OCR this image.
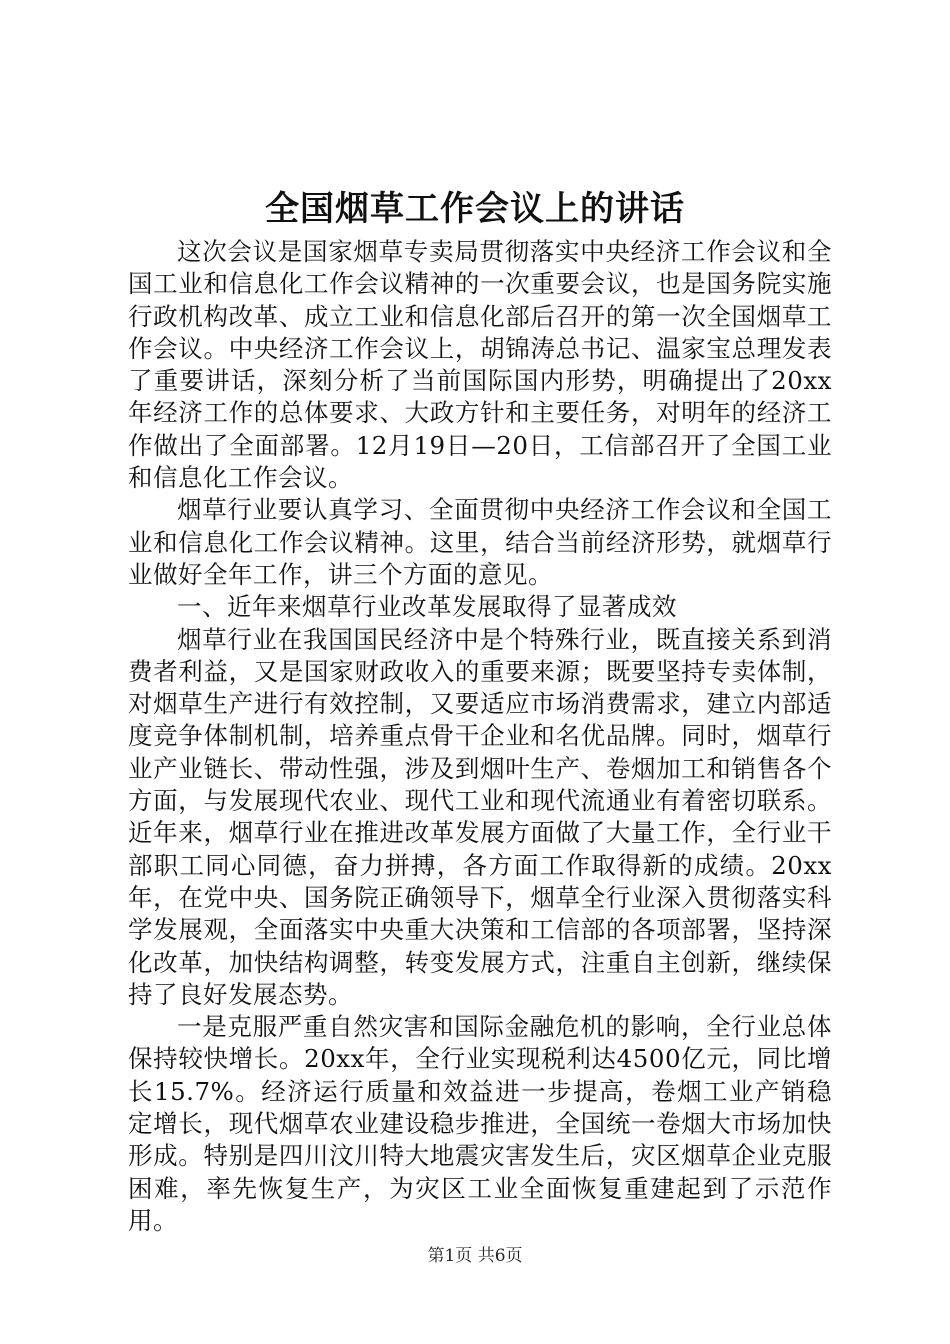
全国烟草工作会议上的讲话

这次会议是国家烟草专卖局贯彻落实中央经济工作会议和全国工业和信息化工作会议精神的一次重要会议，也是国务院实施行政机构改革、成立工业和信息化部后召开的第一次全国烟草工作会议。中央经济工作会议上，胡锦涛总书记、温家宝总理发表了重要讲话，深刻分析了当前国际国内形势，明确提出了20xx年经济工作的总体要求、大政方针和主要任务，对明年的经济工作做出了全面部署。12月19日—20日，工信部召开了全国工业和信息化工作会议。

烟草行业要认真学习、全面贯彻中央经济工作会议和全国工业和信息化工作会议精神。这里，结合当前经济形势，就烟草行业做好全年工作，讲三个方面的意见。

一、近年来烟草行业改革发展取得了显著成效

烟草行业在我国国民经济中是个特殊行业，既直接关系到消费者利益，又是国家财政收入的重要来源；既要坚持专卖体制，对烟草生产进行有效控制，又要适应市场消费需求，建立内部适度竞争体制机制，培养重点骨干企业和名优品牌。同时，烟草行业产业链长、带动性强，涉及到烟叶生产、卷烟加工和销售各个方面，与发展现代农业、现代工业和现代流通业有着密切联系。近年来，烟草行业在推进改革发展方面做了大量工作，全行业干部职工同心同德，奋力拼搏，各方面工作取得新的成绩。20xx年，在党中央、国务院正确领导下，烟草全行业深入贯彻落实科学发展观，全面落实中央重大决策和工信部的各项部署，坚持深化改革，加快结构调整，转变发展方式，注重自主创新，继续保持了良好发展态势。

一是克服严重自然灾害和国际金融危机的影响，全行业总体保持较快增长。20xx年，全行业实现税利达4500亿元，同比增长15.7%。经济运行质量和效益进一步提高，卷烟工业产销稳定增长，现代烟草农业建设稳步推进，全国统一卷烟大市场加快形成。特别是四川汶川特大地震灾害发生后，灾区烟草企业克服困难，率先恢复生产，为灾区工业全面恢复重建起到了示范作用。

第1页 共6页
